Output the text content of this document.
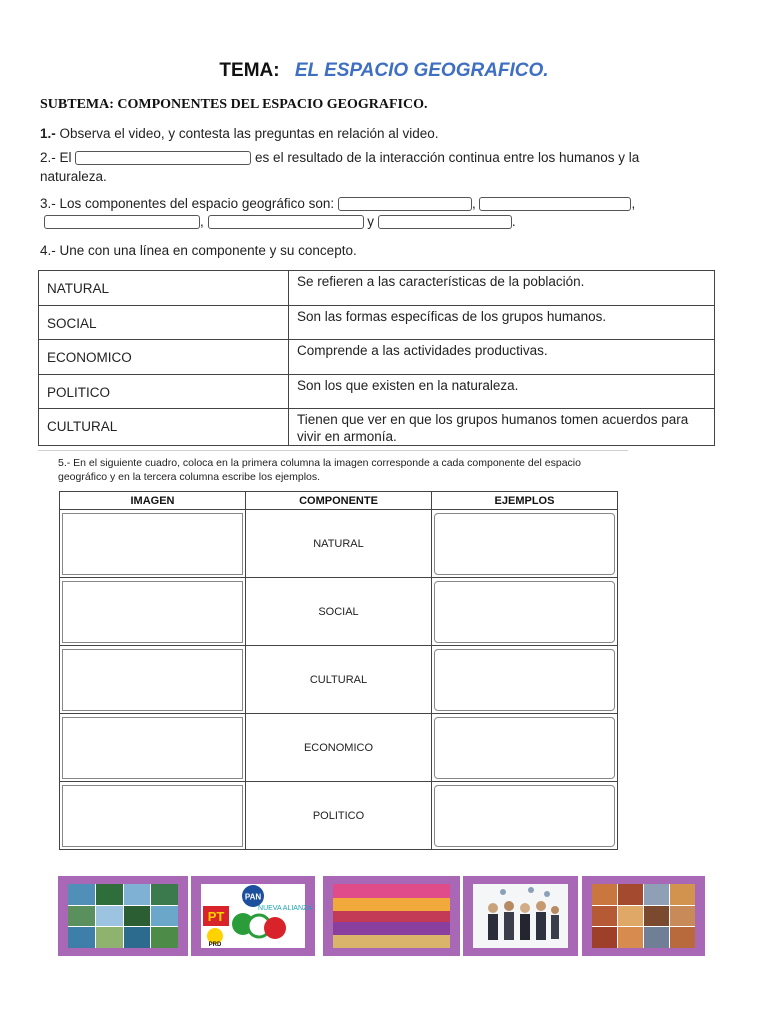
TEMA: EL ESPACIO GEOGRAFICO.
SUBTEMA: COMPONENTES DEL ESPACIO GEOGRAFICO.
1.- Observa el video, y contesta las preguntas en relación al video.
2.- El	es el resultado de la interacción continua entre los humanos y la
naturaleza.
3.- Los componentes del espacio geográfico son:	,	,
,	y	.
4.- Une con una línea en componente y su concepto.
NATURAL	Se refieren a las características de la población.
SOCIAL	Son las formas específicas de los grupos humanos.
ECONOMICO	Comprende a las actividades productivas.
POLITICO	Son los que existen en la naturaleza.
CULTURAL	Tienen que ver en que los grupos humanos tomen acuerdos para vivir en armonía.
5.- En el siguiente cuadro, coloca en la primera columna la imagen corresponde a cada componente del espacio geográfico y en la tercera columna escribe los ejemplos.
IMAGEN	COMPONENTE	EJEMPLOS

	NATURAL	

	SOCIAL	

	CULTURAL	

	ECONOMICO	

	POLITICO	
PAN
PT
NUEVA ALIANZA
PRD
